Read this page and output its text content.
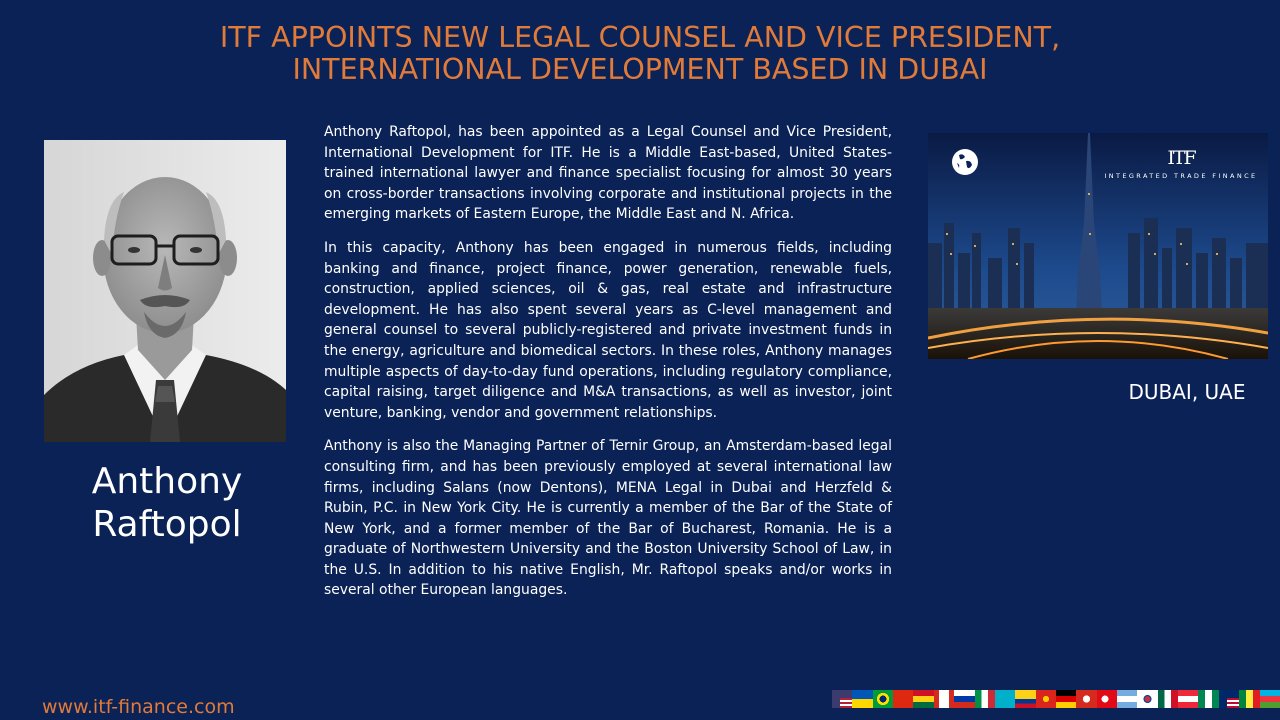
ITF APPOINTS NEW LEGAL COUNSEL AND VICE PRESIDENT,
INTERNATIONAL DEVELOPMENT BASED IN DUBAI
Anthony
Raftopol

Anthony Raftopol, has been appointed as a Legal Counsel and Vice President, International Development for ITF. He is a Middle East-based, United States-trained international lawyer and finance specialist focusing for almost 30 years on cross-border transactions involving corporate and institutional projects in the emerging markets of Eastern Europe, the Middle East and N. Africa.

In this capacity, Anthony has been engaged in numerous fields, including banking and finance, project finance, power generation, renewable fuels, construction, applied sciences, oil & gas, real estate and infrastructure development. He has also spent several years as C-level management and general counsel to several publicly-registered and private investment funds in the energy, agriculture and biomedical sectors. In these roles, Anthony manages multiple aspects of day-to-day fund operations, including regulatory compliance, capital raising, target diligence and M&A transactions, as well as investor, joint venture, banking, vendor and government relationships.

Anthony is also the Managing Partner of Ternir Group, an Amsterdam-based legal consulting firm, and has been previously employed at several international law firms, including Salans (now Dentons), MENA Legal in Dubai and Herzfeld & Rubin, P.C. in New York City. He is currently a member of the Bar of the State of New York, and a former member of the Bar of Bucharest, Romania. He is a graduate of Northwestern University and the Boston University School of Law, in the U.S. In addition to his native English, Mr. Raftopol speaks and/or works in several other European languages.

ITF
INTEGRATED TRADE FINANCE
DUBAI, UAE
www.itf-finance.com
